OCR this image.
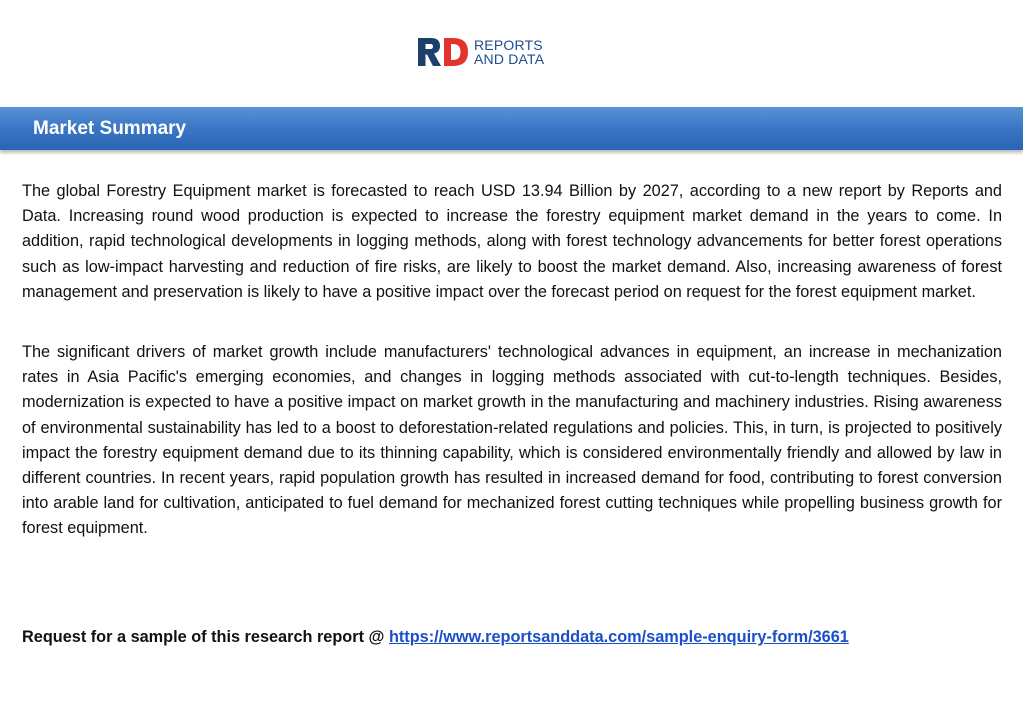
REPORTS
AND DATA
Market Summary

The global Forestry Equipment market is forecasted to reach USD 13.94 Billion by 2027, according to a new report by Reports and Data. Increasing round wood production is expected to increase the forestry equipment market demand in the years to come. In addition, rapid technological developments in logging methods, along with forest technology advancements for better forest operations such as low-impact harvesting and reduction of fire risks, are likely to boost the market demand. Also, increasing awareness of forest management and preservation is likely to have a positive impact over the forecast period on request for the forest equipment market.

The significant drivers of market growth include manufacturers' technological advances in equipment, an increase in mechanization rates in Asia Pacific's emerging economies, and changes in logging methods associated with cut-to-length techniques. Besides, modernization is expected to have a positive impact on market growth in the manufacturing and machinery industries. Rising awareness of environmental sustainability has led to a boost to deforestation-related regulations and policies. This, in turn, is projected to positively impact the forestry equipment demand due to its thinning capability, which is considered environmentally friendly and allowed by law in different countries. In recent years, rapid population growth has resulted in increased demand for food, contributing to forest conversion into arable land for cultivation, anticipated to fuel demand for mechanized forest cutting techniques while propelling business growth for forest equipment.

Request for a sample of this research report @ https://www.reportsanddata.com/sample-enquiry-form/3661
